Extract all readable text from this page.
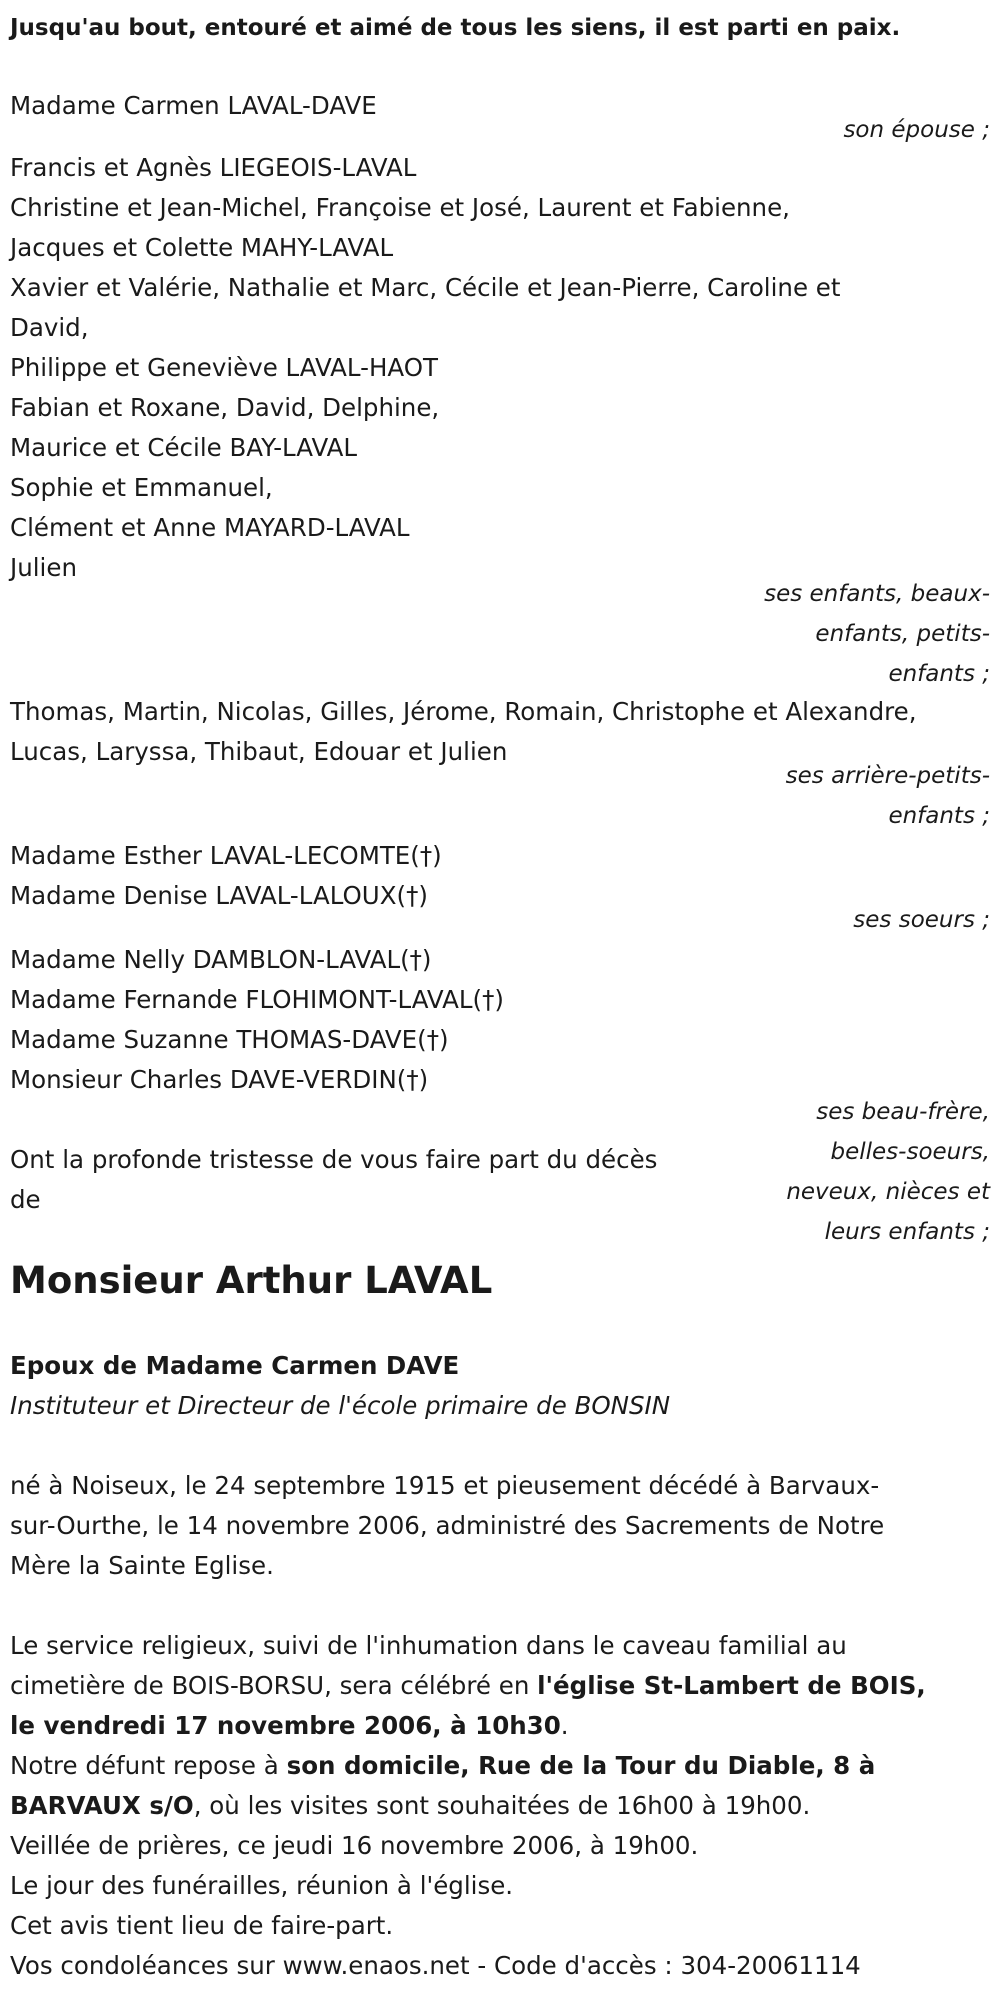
Jusqu'au bout, entouré et aimé de tous les siens, il est parti en paix.
Madame Carmen LAVAL-DAVE
son épouse ;
Francis et Agnès LIEGEOIS-LAVAL
Christine et Jean-Michel, Françoise et José, Laurent et Fabienne,
Jacques et Colette MAHY-LAVAL
Xavier et Valérie, Nathalie et Marc, Cécile et Jean-Pierre, Caroline et
David,
Philippe et Geneviève LAVAL-HAOT
Fabian et Roxane, David, Delphine,
Maurice et Cécile BAY-LAVAL
Sophie et Emmanuel,
Clément et Anne MAYARD-LAVAL
Julien
ses enfants, beaux-
enfants, petits-
enfants ;
Thomas, Martin, Nicolas, Gilles, Jérome, Romain, Christophe et Alexandre,
Lucas, Laryssa, Thibaut, Edouar et Julien
ses arrière-petits-
enfants ;
Madame Esther LAVAL-LECOMTE(†)
Madame Denise LAVAL-LALOUX(†)
ses soeurs ;
Madame Nelly DAMBLON-LAVAL(†)
Madame Fernande FLOHIMONT-LAVAL(†)
Madame Suzanne THOMAS-DAVE(†)
Monsieur Charles DAVE-VERDIN(†)
ses beau-frère,
belles-soeurs,
neveux, nièces et
leurs enfants ;
Ont la profonde tristesse de vous faire part du décès
de
Monsieur Arthur LAVAL
Epoux de Madame Carmen DAVE
Instituteur et Directeur de l'école primaire de BONSIN
né à Noiseux, le 24 septembre 1915 et pieusement décédé à Barvaux-
sur-Ourthe, le 14 novembre 2006, administré des Sacrements de Notre
Mère la Sainte Eglise.
Le service religieux, suivi de l'inhumation dans le caveau familial au
cimetière de BOIS-BORSU, sera célébré en l'église St-Lambert de BOIS,
le vendredi 17 novembre 2006, à 10h30.
Notre défunt repose à son domicile, Rue de la Tour du Diable, 8 à
BARVAUX s/O, où les visites sont souhaitées de 16h00 à 19h00.
Veillée de prières, ce jeudi 16 novembre 2006, à 19h00.
Le jour des funérailles, réunion à l'église.
Cet avis tient lieu de faire-part.
Vos condoléances sur www.enaos.net - Code d'accès : 304-20061114
